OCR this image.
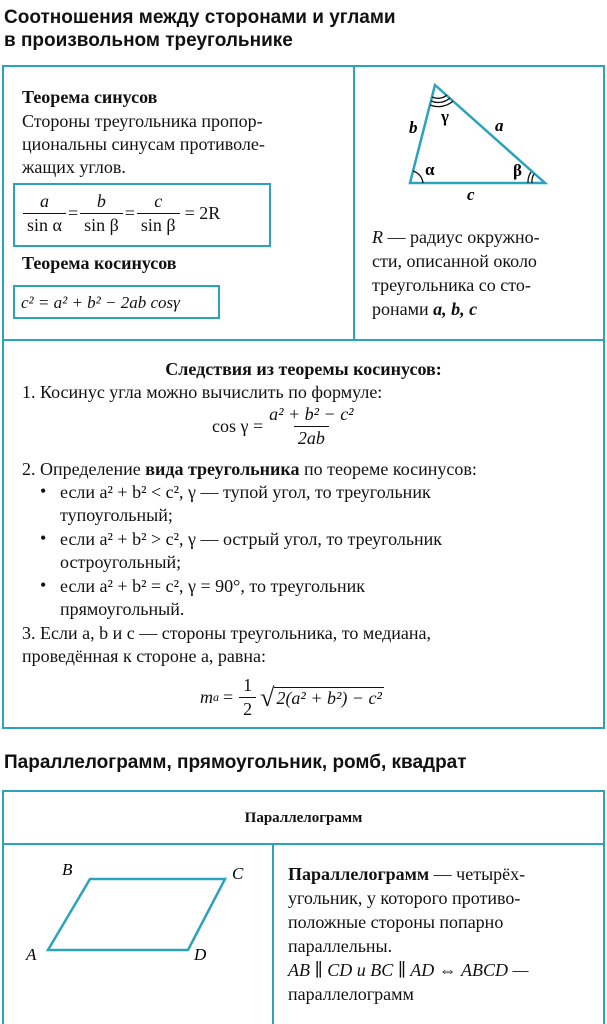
Соотношения между сторонами и углами
в произвольном треугольнике
Теорема синусов
Стороны треугольника пропор-
циональны синусам противоле-
жащих углов.
$\frac{a}{\text{sin α}} = \frac{b}{\text{sin β}} = \frac{c}{\text{sin β}} = 2R$
Теорема косинусов
c² = a² + b² − 2ab cosγ
b	a
c
α	β
γ
R — радиус окружно-
сти, описанной около
треугольника со сто-
ронами a, b, c
Следствия из теоремы косинусов:
1. Косинус угла можно вычислить по формуле:
$\cos \gamma = \frac{\text{a² + b² − c²}}{2ab}$
2. Определение вида треугольника по теореме косинусов:
• если a² + b² < c², γ — тупой угол, то треугольник
тупоугольный;
• если a² + b² > c², γ — острый угол, то треугольник
остроугольный;
• если a² + b² = c², γ = 90°, то треугольник
прямоугольный.
3. Если a, b и c — стороны треугольника, то медиана,
проведённая к стороне a, равна:
m $a = \frac{1}{2}$ √ 2(a² + b²) − c²
Параллелограмм, прямоугольник, ромб, квадрат
Параллелограмм
B	C
A	D
Параллелограмм — четырёх-
угольник, у которого противо-
положные стороны попарно
параллельны.
AB ∥ CD и BC ∥ AD ⇔ ABCD —
параллелограмм
